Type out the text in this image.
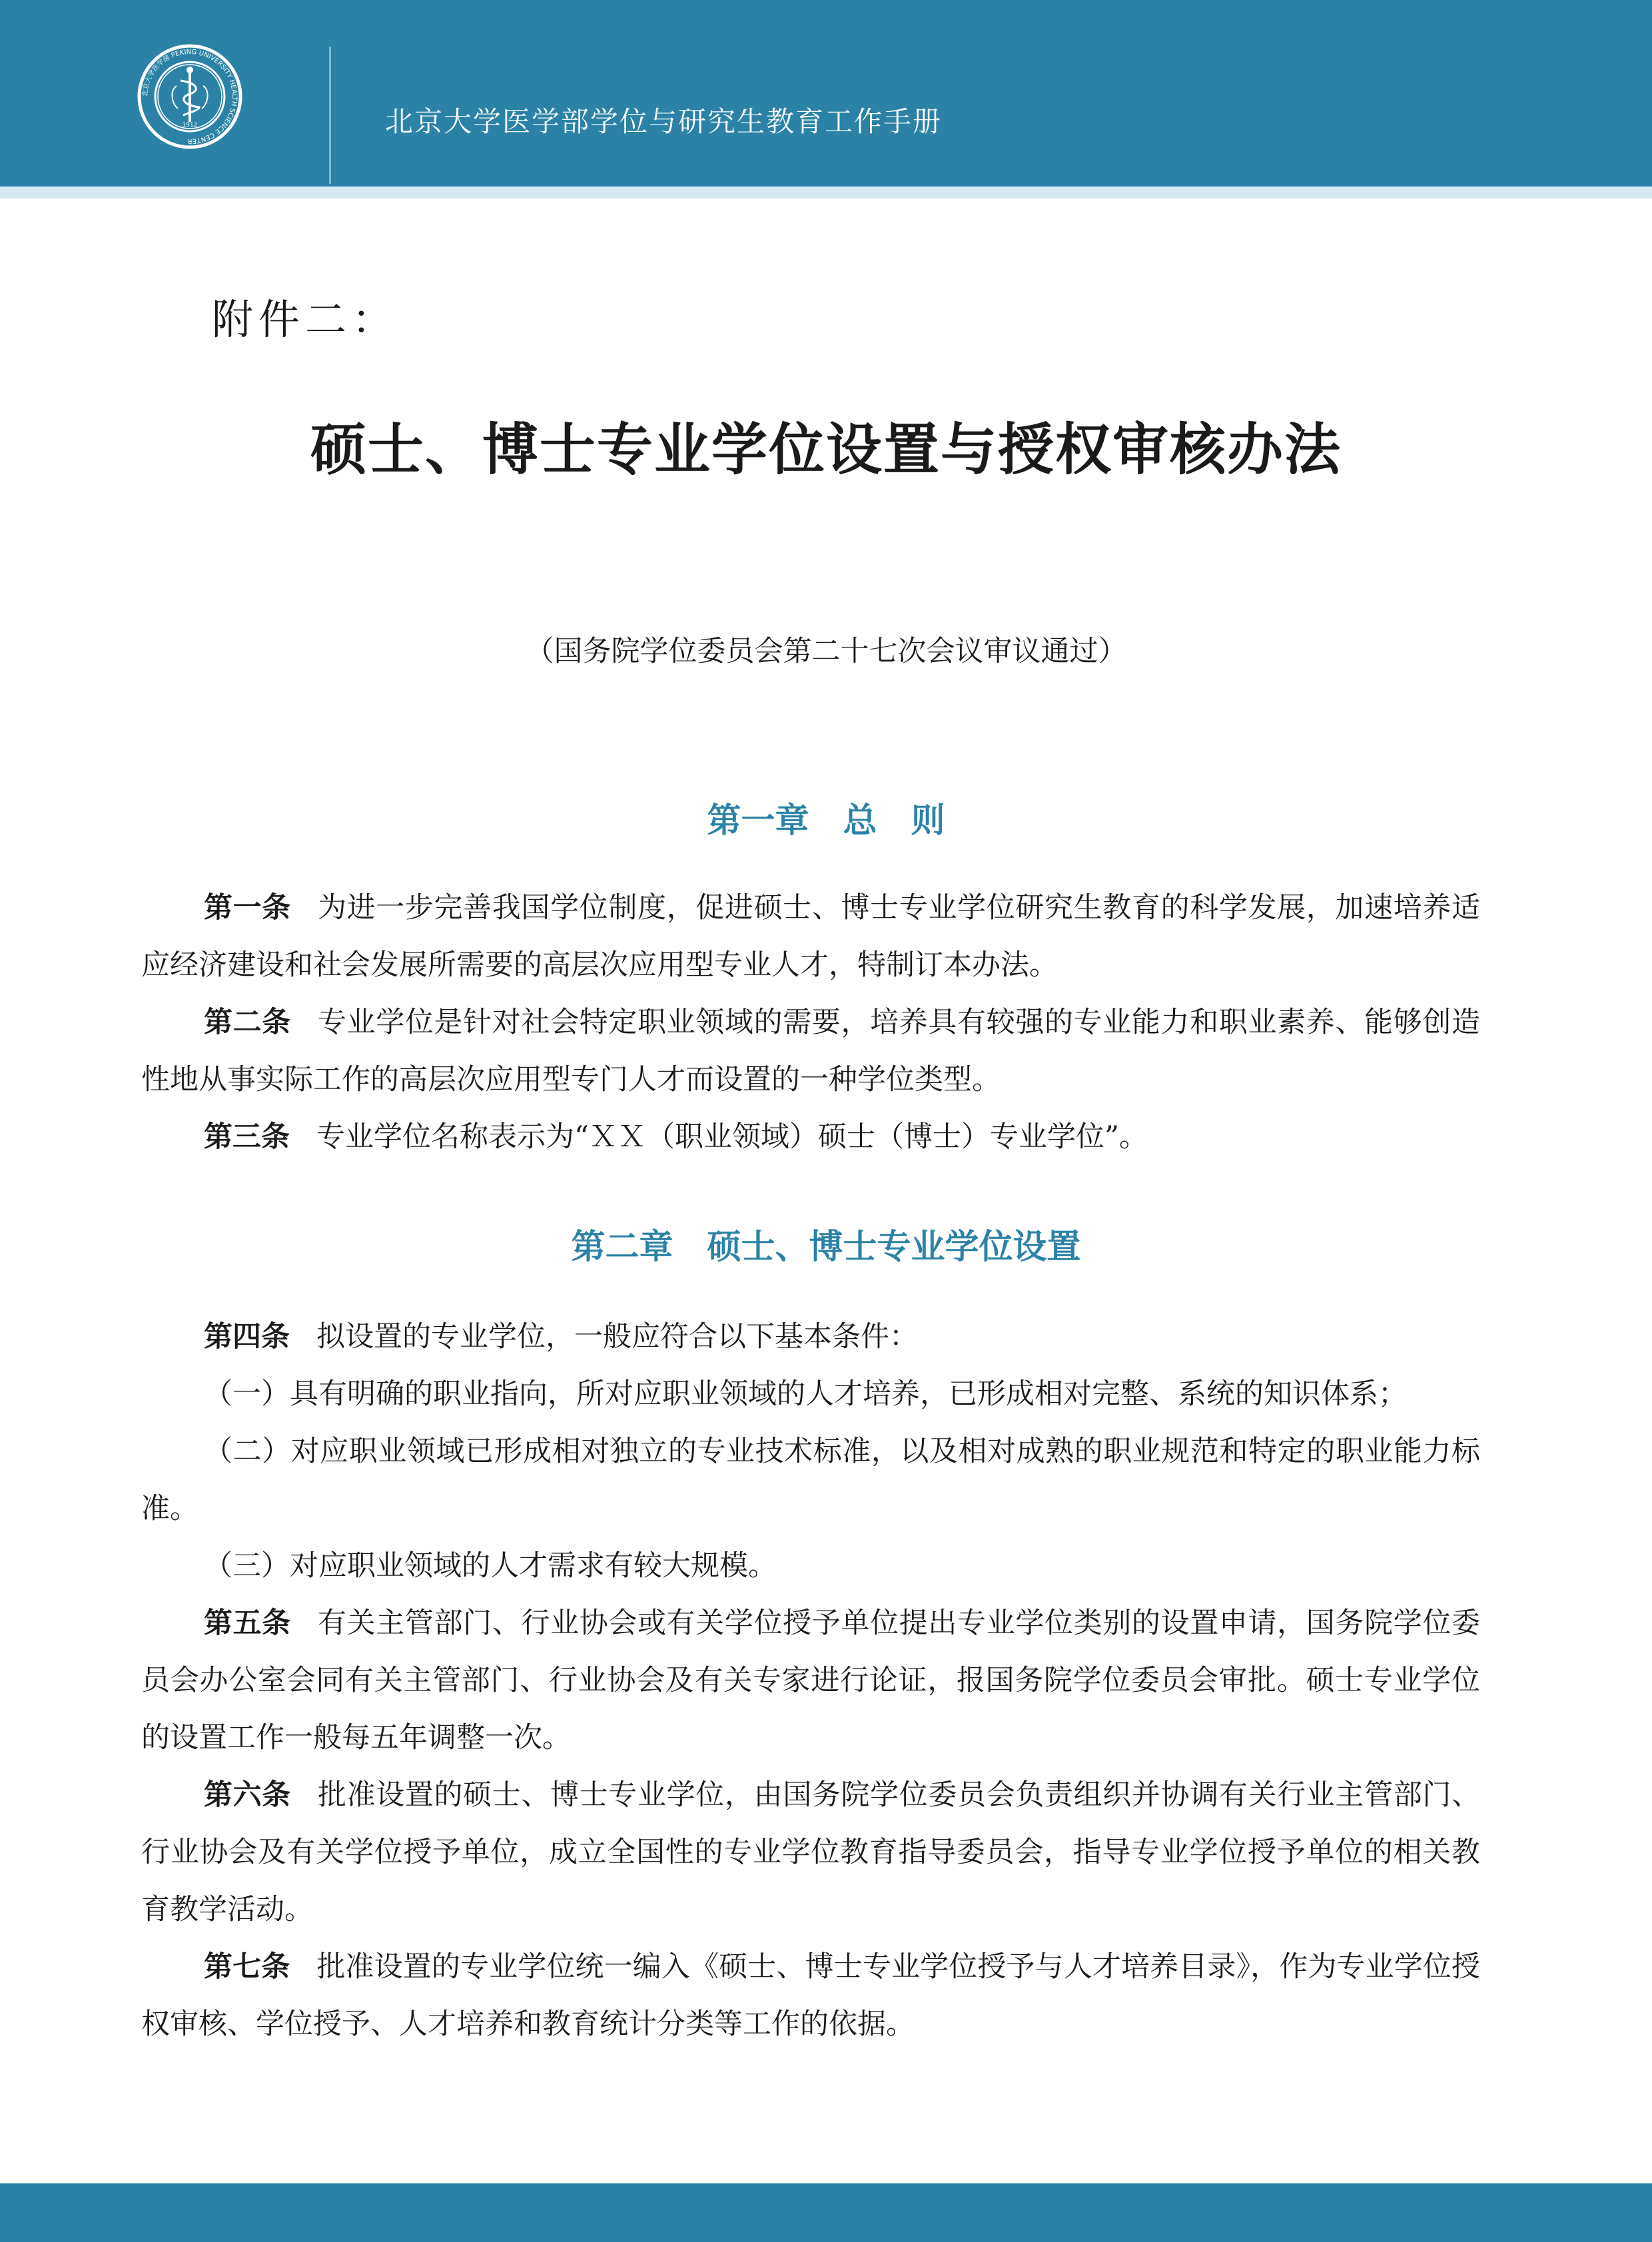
1912
北京大学医学部 PEKING UNIVERSITY HEALTH SCIENCE CENTER
北京大学医学部学位与研究生教育工作手册
附件二：
硕士、博士专业学位设置与授权审核办法
（国务院学位委员会第二十七次会议审议通过）
第一章　总　则
第一条 为进一步完善我国学位制度，促进硕士、博士专业学位研究生教育的科学发展，加速培养适应经济建设和社会发展所需要的高层次应用型专业人才，特制订本办法。
第二条 专业学位是针对社会特定职业领域的需要，培养具有较强的专业能力和职业素养、能够创造性地从事实际工作的高层次应用型专门人才而设置的一种学位类型。
第三条 专业学位名称表示为“ＸＸ（职业领域）硕士（博士）专业学位”。
第二章　硕士、博士专业学位设置
第四条 拟设置的专业学位，一般应符合以下基本条件：
（一）具有明确的职业指向，所对应职业领域的人才培养，已形成相对完整、系统的知识体系；
（二）对应职业领域已形成相对独立的专业技术标准，以及相对成熟的职业规范和特定的职业能力标准。
（三）对应职业领域的人才需求有较大规模。
第五条 有关主管部门、行业协会或有关学位授予单位提出专业学位类别的设置申请，国务院学位委员会办公室会同有关主管部门、行业协会及有关专家进行论证，报国务院学位委员会审批。硕士专业学位的设置工作一般每五年调整一次。
第六条 批准设置的硕士、博士专业学位，由国务院学位委员会负责组织并协调有关行业主管部门、行业协会及有关学位授予单位，成立全国性的专业学位教育指导委员会，指导专业学位授予单位的相关教育教学活动。
第七条 批准设置的专业学位统一编入《硕士、博士专业学位授予与人才培养目录》，作为专业学位授权审核、学位授予、人才培养和教育统计分类等工作的依据。
